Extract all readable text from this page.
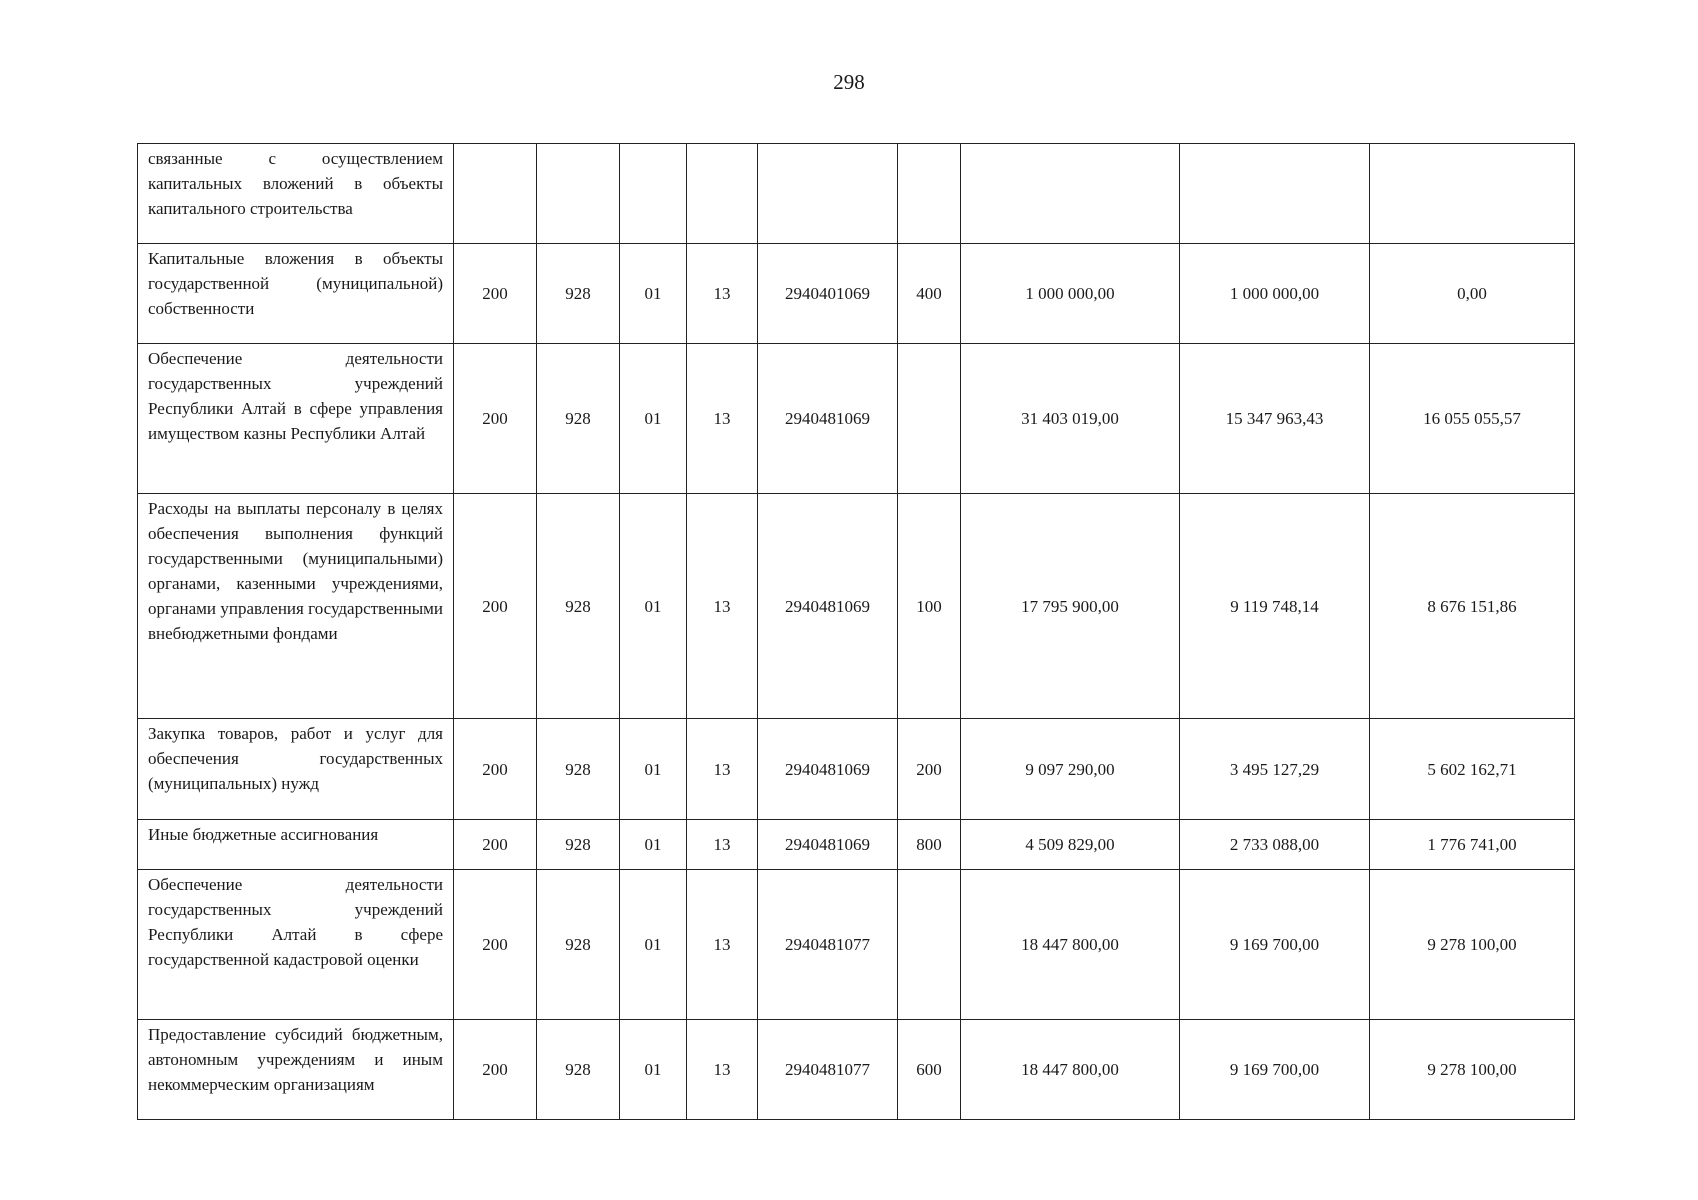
298
связанные с осуществлением капитальных вложений в объекты капитального строительства									
Капитальные вложения в объекты государственной (муниципальной) собственности	200	928	01	13	2940401069	400	1 000 000,00	1 000 000,00	0,00
Обеспечение деятельности государственных учреждений Республики Алтай в сфере управления имуществом казны Республики Алтай	200	928	01	13	2940481069		31 403 019,00	15 347 963,43	16 055 055,57
Расходы на выплаты персоналу в целях обеспечения выполнения функций государственными (муниципальными) органами, казенными учреждениями, органами управления государственными внебюджетными фондами	200	928	01	13	2940481069	100	17 795 900,00	9 119 748,14	8 676 151,86
Закупка товаров, работ и услуг для обеспечения государственных (муниципальных) нужд	200	928	01	13	2940481069	200	9 097 290,00	3 495 127,29	5 602 162,71
Иные бюджетные ассигнования	200	928	01	13	2940481069	800	4 509 829,00	2 733 088,00	1 776 741,00
Обеспечение деятельности государственных учреждений Республики Алтай в сфере государственной кадастровой оценки	200	928	01	13	2940481077		18 447 800,00	9 169 700,00	9 278 100,00
Предоставление субсидий бюджетным, автономным учреждениям и иным некоммерческим организациям	200	928	01	13	2940481077	600	18 447 800,00	9 169 700,00	9 278 100,00
